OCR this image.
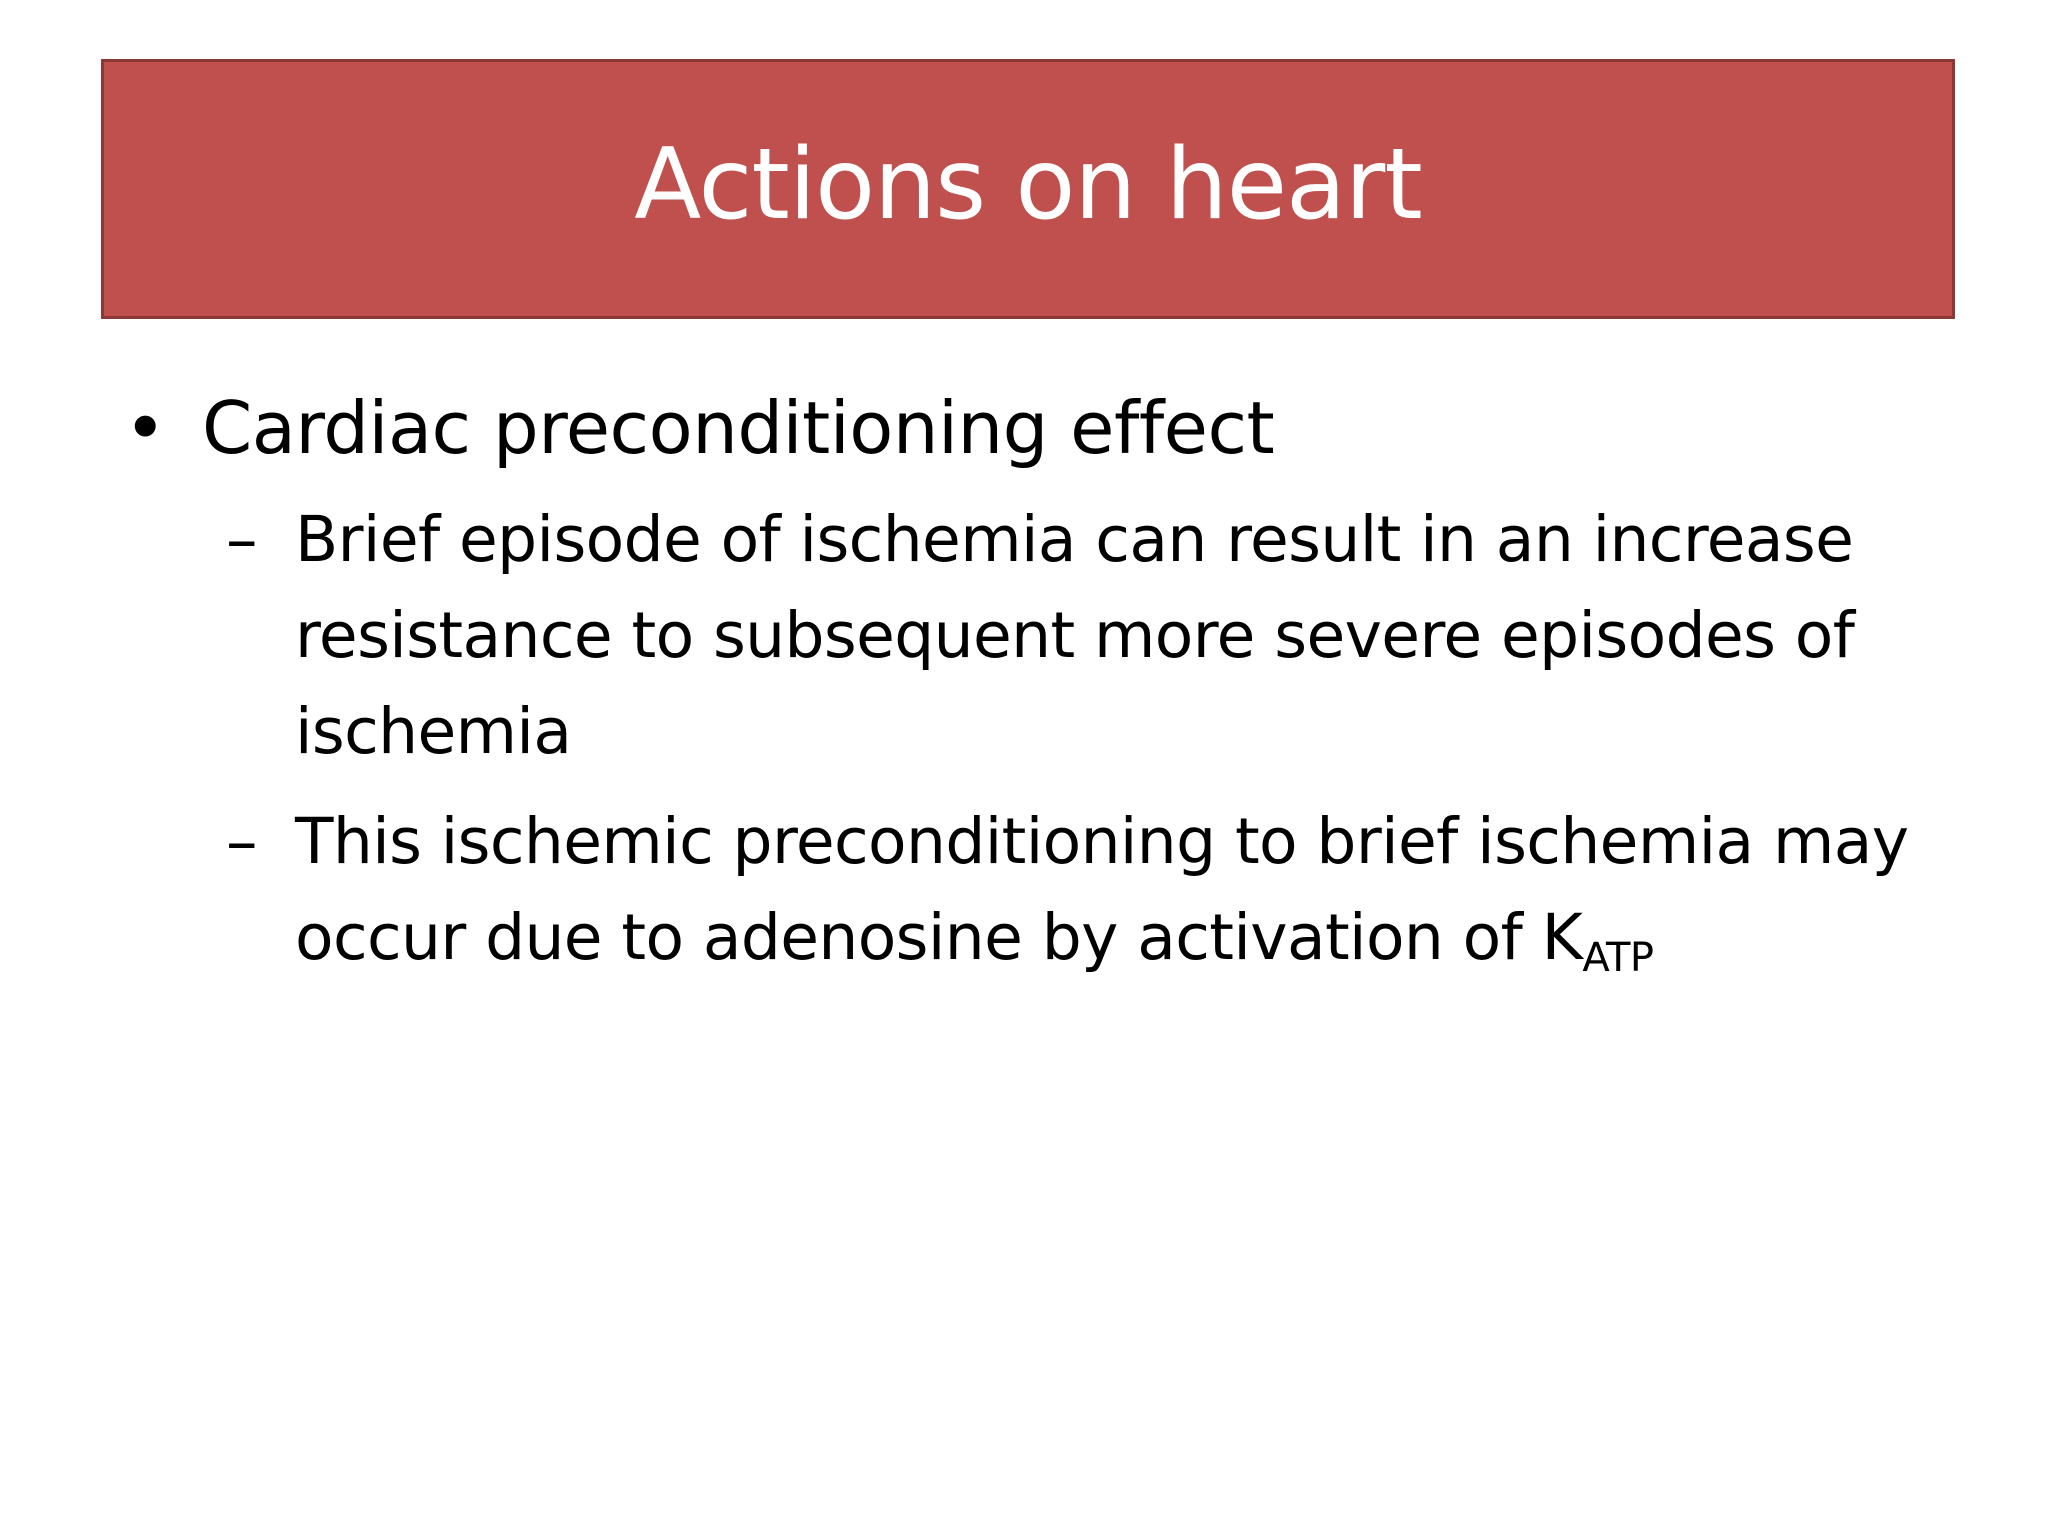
Actions on heart
• Cardiac preconditioning effect
– Brief episode of ischemia can result in an increase resistance to subsequent more severe episodes of ischemia
– This ischemic preconditioning to brief ischemia may occur due to adenosine by activation of $K_{ATP}$
